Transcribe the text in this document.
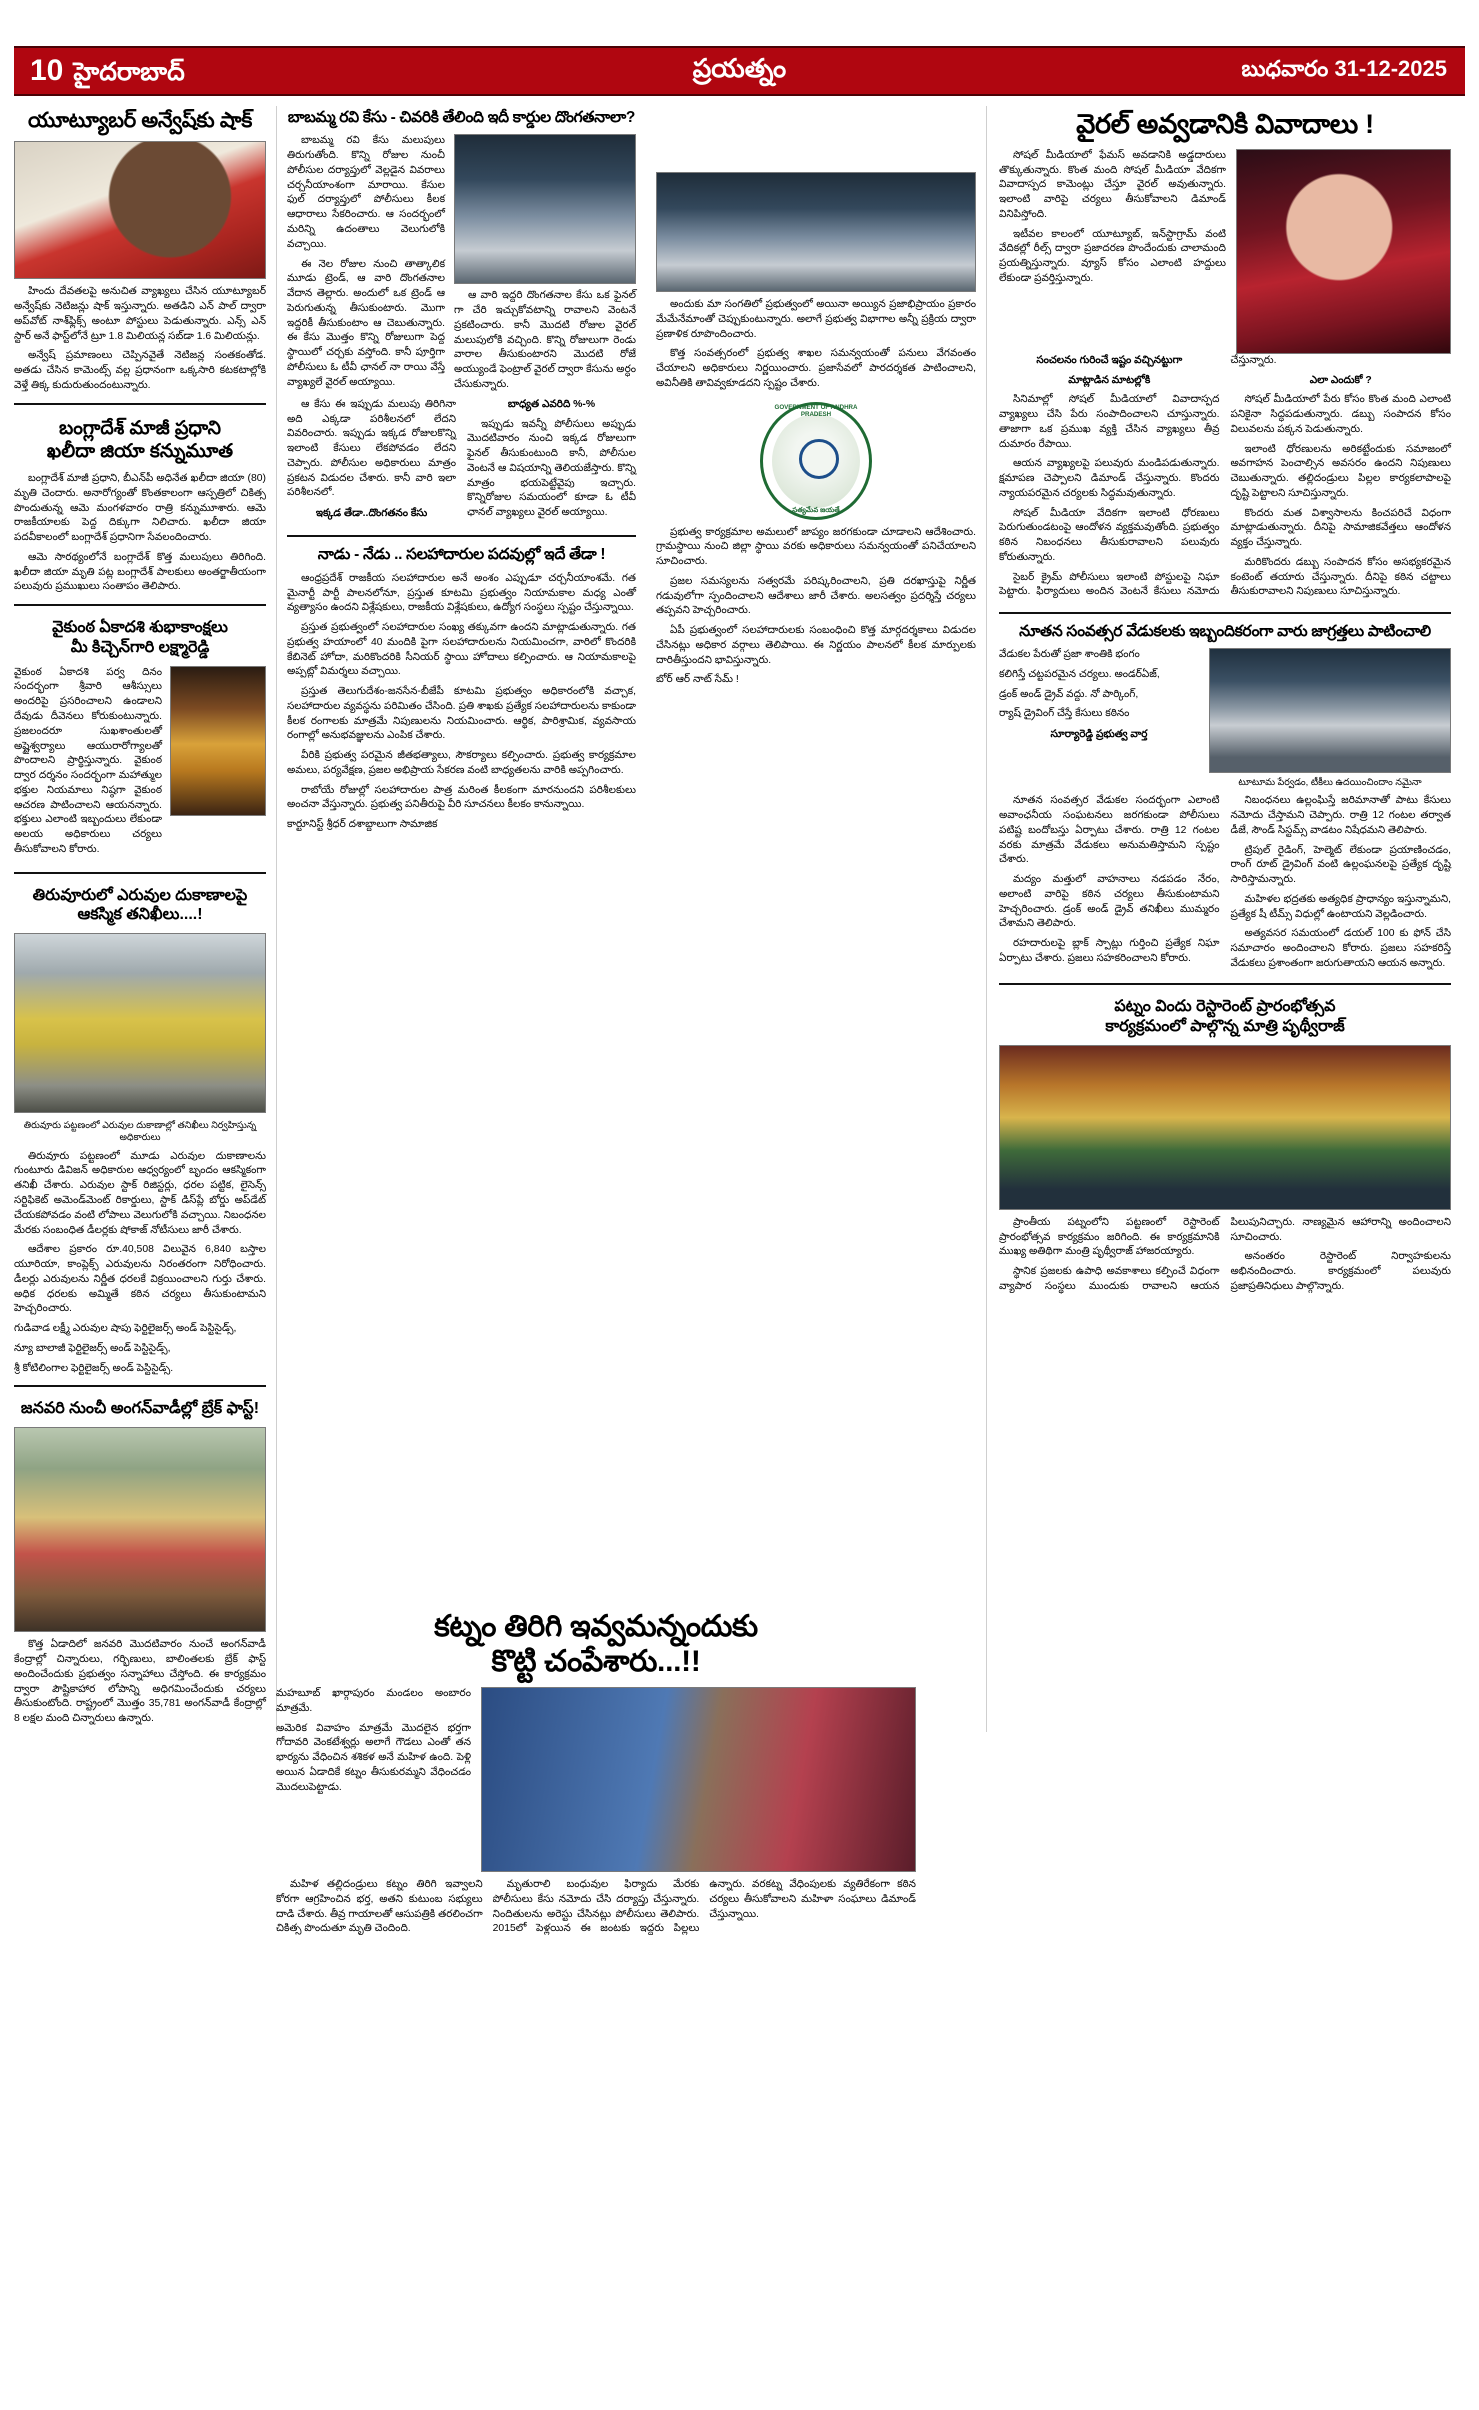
10 హైదరాబాద్	ప్రయత్నం	బుధవారం 31-12-2025
యూట్యూబర్ అన్వేష్‌కు షాక్

హిందు దేవతలపై అనుచిత వ్యాఖ్యలు చేసిన యూట్యూబర్ అన్వేష్‌కు నెటిజన్లు షాక్ ఇస్తున్నారు. అతడిని ఎన్ పాల్ ద్వారా అప్‌వోట్ నాశ్‌ఫ్లిక్స్ అంటూ పోస్టులు పెడుతున్నారు. ఎన్స్ ఎన్ స్టార్ అనే ఫాస్ట్‌లోనే ట్రూ 1.8 మిలియన్ల సబ్‌డా 1.6 మిలియన్లు.

అన్వేష్ ప్రమాణంలు చెప్పినవైతే నెటిజన్ల సంతకంతోడ. అతడు చేసిన కామెంట్స్‌ వల్ల ప్రధానంగా ఒక్కసారి కటకటాల్లోకి వెళ్తే తిక్క కుదురుతుందంటున్నారు.

బంగ్లాదేశ్ మాజీ ప్రధాని
ఖలీదా జియా కన్నుమూత

బంగ్లాదేశ్ మాజీ ప్రధాని, బీఎన్‌పీ అధినేత ఖలీదా జియా (80) మృతి చెందారు. అనారోగ్యంతో కొంతకాలంగా ఆస్పత్రిలో చికిత్స పొందుతున్న ఆమె మంగళవారం రాత్రి కన్నుమూశారు. ఆమె రాజకీయాలకు పెద్ద దిక్కుగా నిలిచారు. ఖలీదా జియా పదవీకాలంలో బంగ్లాదేశ్ ప్రధానిగా సేవలందించారు.

ఆమె సారథ్యంలోనే బంగ్లాదేశ్ కొత్త మలుపులు తిరిగింది. ఖలీదా జియా మృతి పట్ల బంగ్లాదేశ్ పాలకులు అంతర్జాతీయంగా పలువురు ప్రముఖులు సంతాపం తెలిపారు.

వైకుంఠ ఏకాదశి శుభాకాంక్షలు
మీ కిచ్చెన్‌గారి లక్ష్మారెడ్డి

వైకుంఠ ఏకాదశి పర్వ దినం సందర్భంగా శ్రీవారి ఆశీస్సులు అందరిపై ప్రసరించాలని ఉండాలని దేవుడు దీవెనలు కోరుకుంటున్నారు. ప్రజలందరూ సుఖశాంతులతో అష్టైశ్వర్యాలు ఆయురారోగ్యాలతో పొందాలని ప్రార్థిస్తున్నారు. వైకుంఠ ద్వార దర్శనం సందర్భంగా మహాత్ముల భక్తుల నియమాలు నిష్ఠగా వైకుంఠ ఆచరణ పాటించాలని ఆయనన్నారు. భక్తులు ఎలాంటి ఇబ్బందులు లేకుండా అలయ అధికారులు చర్యలు తీసుకోవాలని కోరారు.

తిరువూరులో ఎరువుల దుకాణాలపై
ఆకస్మిక తనిఖీలు....!

తిరువూరు పట్టణంలో ఎరువుల దుకాణాల్లో తనిఖీలు నిర్వహిస్తున్న అధికారులు

తిరువూరు పట్టణంలో మూడు ఎరువుల దుకాణాలను గుంటూరు డివిజన్ అధికారుల ఆధ్వర్యంలో బృందం ఆకస్మికంగా తనిఖీ చేశారు. ఎరువుల స్టాక్ రిజిస్టర్లు, ధరల పట్టిక, లైసెన్స్ సర్టిఫికెట్ అమెండ్‌మెంట్ రికార్డులు, స్టాక్ డిస్‌ప్లే బోర్డు అప్‌డేట్ చేయకపోవడం వంటి లోపాలు వెలుగులోకి వచ్చాయి. నిబంధనల మేరకు సంబంధిత డీలర్లకు షోకాజ్ నోటీసులు జారీ చేశారు.

ఆదేశాల ప్రకారం రూ.40,508 విలువైన 6,840 బస్తాల యూరియా, కాంప్లెక్స్ ఎరువులను నిరంతరంగా నిరోధించారు. డీలర్లు ఎరువులను నిర్ణీత ధరలకే విక్రయించాలని గుర్తు చేశారు. అధిక ధరలకు అమ్మితే కఠిన చర్యలు తీసుకుంటామని హెచ్చరించారు.

గుడివాడ లక్ష్మీ ఎరువుల షాపు ఫెర్టిలైజర్స్ అండ్ పెస్టిసైడ్స్,

న్యూ బాలాజీ ఫెర్టిలైజర్స్ అండ్ పెస్టిసైడ్స్,

శ్రీ కోటిలింగాల ఫెర్టిలైజర్స్ అండ్ పెస్టిసైడ్స్.

జనవరి నుంచీ అంగన్‌వాడీల్లో బ్రేక్ ఫాస్ట్!

కొత్త ఏడాదిలో జనవరి మొదటివారం నుంచే అంగన్‌వాడీ కేంద్రాల్లో చిన్నారులు, గర్భిణులు, బాలింతలకు బ్రేక్ ఫాస్ట్ అందించేందుకు ప్రభుత్వం సన్నాహాలు చేస్తోంది. ఈ కార్యక్రమం ద్వారా పౌష్టికాహార లోపాన్ని అధిగమించేందుకు చర్యలు తీసుకుంటోంది. రాష్ట్రంలో మొత్తం 35,781 అంగన్‌వాడీ కేంద్రాల్లో 8 లక్షల మంది చిన్నారులు ఉన్నారు.

బాబమ్మ రవి కేసు - చివరికి తేలింది ఇదీ కార్డుల దొంగతనాలా?

బాబమ్మ రవి కేసు మలుపులు తిరుగుతోంది. కొన్ని రోజుల నుంచీ పోలీసుల దర్యాప్తులో వెల్లడైన వివరాలు చర్చనీయాంశంగా మారాయి. కేసుల ఫుల్ దర్యాప్తులో పోలీసులు కీలక ఆధారాలు సేకరించారు. ఆ సందర్భంలో మరిన్ని ఉదంతాలు వెలుగులోకి వచ్చాయి.

ఈ నెల రోజుల నుంచి తాత్కాలిక మూడు ట్రెండ్, ఆ వారి దొంగతనాల వేదాన తెల్లారు. అందులో ఒక ట్రెండ్ ఆ పెరుగుతున్న తీసుకుంటారు. మొగా ఇద్దరికీ తీసుకుంటాం ఆ చెబుతున్నారు. ఈ కేసు మొత్తం కొన్ని రోజులుగా పెద్ద స్థాయిలో చర్చకు వస్తోంది. కానీ పూర్తిగా పోలీసులు ఓ టీవీ ఛానల్ నా రాయి వేస్తే వ్యాఖ్యలే వైరల్ అయ్యాయి.

ఆ వారి ఇద్దరి దొంగతనాల కేసు ఒక ఫైనల్ గా చేరి ఇచ్చుకోవటాన్ని రావాలని వెంటనే ప్రకటించారు. కానీ మొదటి రోజుల వైరల్ మలుపులోకి వచ్చింది. కొన్ని రోజులుగా రెండు వారాల తీసుకుంటారని మొదటి రోజే అయ్యుండే ఫెంట్రాల్ వైరల్ ద్వారా కేసును అర్ధం చేసుకున్నారు.

ఆ కేసు ఈ ఇప్పుడు మలుపు తిరిగినా అది ఎక్కడా పరిశీలనలో లేదని వివరించారు. ఇప్పుడు ఇక్కడ రోజులకొన్ని ఇలాంటి కేసులు లేకపోవడం లేదని చెప్పారు. పోలీసుల అధికారులు మాత్రం ప్రకటన విడుదల చేశారు. కానీ వారి ఇలా పరిశీలనలో.

ఇక్కడ తేడా..దొంగతనం కేసు

బాధ్యత ఎవరిది %-%

ఇప్పుడు ఇవన్నీ పోలీసులు అప్పుడు మొదటివారం నుంచి ఇక్కడ రోజులుగా ఫైనల్ తీసుకుంటుంది కానీ, పోలీసుల వెంటనే ఆ విషయాన్ని తెలియజేస్తారు. కొన్ని మాత్రం భయపెట్టేవైపు ఇచ్చారు. కొన్నిరోజుల సమయంలో కూడా ఓ టీవీ ఛానల్ వ్యాఖ్యలు వైరల్ అయ్యాయి.

నాడు - నేడు .. సలహాదారుల పదవుల్లో ఇదే తేడా !

ఆంధ్రప్రదేశ్ రాజకీయ సలహాదారుల అనే అంశం ఎప్పుడూ చర్చనీయాంశమే. గత మైనార్టీ పార్టీ పాలనలోనూ, ప్రస్తుత కూటమి ప్రభుత్వం నియామకాల మధ్య ఎంతో వ్యత్యాసం ఉందని విశ్లేషకులు, రాజకీయ విశ్లేషకులు, ఉద్యోగ సంస్థలు స్పష్టం చేస్తున్నాయి.

ప్రస్తుత ప్రభుత్వంలో సలహాదారుల సంఖ్య తక్కువగా ఉందని మాట్లాడుతున్నారు. గత ప్రభుత్వ హయాంలో 40 మందికి పైగా సలహాదారులను నియమించగా, వారిలో కొందరికి కేబినెట్ హోదా, మరికొందరికి సీనియర్ స్థాయి హోదాలు కల్పించారు. ఆ నియామకాలపై అప్పట్లో విమర్శలు వచ్చాయి.

ప్రస్తుత తెలుగుదేశం-జనసేన-బీజేపీ కూటమి ప్రభుత్వం అధికారంలోకి వచ్చాక, సలహాదారుల వ్యవస్థను పరిమితం చేసింది. ప్రతి శాఖకు ప్రత్యేక సలహాదారులను కాకుండా కీలక రంగాలకు మాత్రమే నిపుణులను నియమించారు. ఆర్థిక, పారిశ్రామిక, వ్యవసాయ రంగాల్లో అనుభవజ్ఞులను ఎంపిక చేశారు.

వీరికి ప్రభుత్వ పరమైన జీతభత్యాలు, సౌకర్యాలు కల్పించారు. ప్రభుత్వ కార్యక్రమాల అమలు, పర్యవేక్షణ, ప్రజల అభిప్రాయ సేకరణ వంటి బాధ్యతలను వారికి అప్పగించారు.

రాబోయే రోజుల్లో సలహాదారుల పాత్ర మరింత కీలకంగా మారనుందని పరిశీలకులు అంచనా వేస్తున్నారు. ప్రభుత్వ పనితీరుపై వీరి సూచనలు కీలకం కానున్నాయి.

కార్టూనిస్ట్ శ్రీధర్ దశాబ్దాలుగా సామాజిక

అందుకు మా సంగతిలో ప్రభుత్వంలో అయినా అయ్యిన ప్రజాభిప్రాయం ప్రకారం మేమేనేమాంతో చెప్పుకుంటున్నారు. అలాగే ప్రభుత్వ విభాగాల అన్నీ ప్రక్రియ ద్వారా ప్రణాళిక రూపొందించారు.

కొత్త సంవత్సరంలో ప్రభుత్వ శాఖల సమన్వయంతో పనులు వేగవంతం చేయాలని అధికారులు నిర్ణయించారు. ప్రజాసేవలో పారదర్శకత పాటించాలని, అవినీతికి తావివ్వకూడదని స్పష్టం చేశారు.

GOVERNMENT OF ANDHRA PRADESH
సత్యమేవ జయతే

ప్రభుత్వ కార్యక్రమాల అమలులో జాప్యం జరగకుండా చూడాలని ఆదేశించారు. గ్రామస్థాయి నుంచి జిల్లా స్థాయి వరకు అధికారులు సమన్వయంతో పనిచేయాలని సూచించారు.

ప్రజల సమస్యలను సత్వరమే పరిష్కరించాలని, ప్రతి దరఖాస్తుపై నిర్ణీత గడువులోగా స్పందించాలని ఆదేశాలు జారీ చేశారు. అలసత్వం ప్రదర్శిస్తే చర్యలు తప్పవని హెచ్చరించారు.

ఏపీ ప్రభుత్వంలో సలహాదారులకు సంబంధించి కొత్త మార్గదర్శకాలు విడుదల చేసినట్లు అధికార వర్గాలు తెలిపాయి. ఈ నిర్ణయం పాలనలో కీలక మార్పులకు దారితీస్తుందని భావిస్తున్నారు.

బోర్ ఆర్ నాట్ సేమ్ !

వైరల్ అవ్వడానికి వివాదాలు !

సోషల్ మీడియాలో ఫేమస్ అవడానికి అడ్డదారులు తొక్కుతున్నారు. కొంత మంది సోషల్ మీడియా వేదికగా వివాదాస్పద కామెంట్లు చేస్తూ వైరల్ అవుతున్నారు. ఇలాంటి వారిపై చర్యలు తీసుకోవాలని డిమాండ్ వినిపిస్తోంది.

ఇటీవల కాలంలో యూట్యూబ్, ఇన్‌స్టాగ్రామ్ వంటి వేదికల్లో రీల్స్ ద్వారా ప్రజాదరణ పొందేందుకు చాలామంది ప్రయత్నిస్తున్నారు. వ్యూస్ కోసం ఎలాంటి హద్దులు లేకుండా ప్రవర్తిస్తున్నారు.

సంచలనం గురించే ఇష్టం వచ్చినట్టుగా

మాట్లాడిన మాటల్లోకి

సినిమాల్లో సోషల్ మీడియాలో వివాదాస్పద వ్యాఖ్యలు చేసి పేరు సంపాదించాలని చూస్తున్నారు. తాజాగా ఒక ప్రముఖ వ్యక్తి చేసిన వ్యాఖ్యలు తీవ్ర దుమారం రేపాయి.

ఆయన వ్యాఖ్యలపై పలువురు మండిపడుతున్నారు. క్షమాపణ చెప్పాలని డిమాండ్ చేస్తున్నారు. కొందరు న్యాయపరమైన చర్యలకు సిద్ధమవుతున్నారు.

సోషల్ మీడియా వేదికగా ఇలాంటి ధోరణులు పెరుగుతుండటంపై ఆందోళన వ్యక్తమవుతోంది. ప్రభుత్వం కఠిన నిబంధనలు తీసుకురావాలని పలువురు కోరుతున్నారు.

సైబర్ క్రైమ్ పోలీసులు ఇలాంటి పోస్టులపై నిఘా పెట్టారు. ఫిర్యాదులు అందిన వెంటనే కేసులు నమోదు చేస్తున్నారు.

ఎలా ఎందుకో ?

సోషల్ మీడియాలో పేరు కోసం కొంత మంది ఎలాంటి పనికైనా సిద్ధపడుతున్నారు. డబ్బు సంపాదన కోసం విలువలను పక్కన పెడుతున్నారు.

ఇలాంటి ధోరణులను అరికట్టేందుకు సమాజంలో అవగాహన పెంచాల్సిన అవసరం ఉందని నిపుణులు చెబుతున్నారు. తల్లిదండ్రులు పిల్లల కార్యకలాపాలపై దృష్టి పెట్టాలని సూచిస్తున్నారు.

కొందరు మత విశ్వాసాలను కించపరిచే విధంగా మాట్లాడుతున్నారు. దీనిపై సామాజికవేత్తలు ఆందోళన వ్యక్తం చేస్తున్నారు.

మరికొందరు డబ్బు సంపాదన కోసం అసభ్యకరమైన కంటెంట్ తయారు చేస్తున్నారు. దీనిపై కఠిన చట్టాలు తీసుకురావాలని నిపుణులు సూచిస్తున్నారు.

నూతన సంవత్సర వేడుకలకు ఇబ్బందికరంగా వారు జాగ్రత్తలు పాటించాలి

వేడుకల పేరుతో ప్రజా శాంతికి భంగం

కలిగిస్తే చట్టపరమైన చర్యలు. అండర్‌ఏజ్,

డ్రంక్ అండ్ డ్రైవ్ వద్దు. నో పార్కింగ్,

ర్యాష్ డ్రైవింగ్ చేస్తే కేసులు కఠినం

సూర్యారెడ్డి ప్రభుత్వ వార్త

టూటూమ పేర్వడం, టీకీలు ఉదయించిందాం నమైనా

నూతన సంవత్సర వేడుకల సందర్భంగా ఎలాంటి అవాంఛనీయ సంఘటనలు జరగకుండా పోలీసులు పటిష్ట బందోబస్తు ఏర్పాటు చేశారు. రాత్రి 12 గంటల వరకు మాత్రమే వేడుకలు అనుమతిస్తామని స్పష్టం చేశారు.

మద్యం మత్తులో వాహనాలు నడపడం నేరం, అలాంటి వారిపై కఠిన చర్యలు తీసుకుంటామని హెచ్చరించారు. డ్రంక్ అండ్ డ్రైవ్ తనిఖీలు ముమ్మరం చేశామని తెలిపారు.

రహదారులపై బ్లాక్ స్పాట్లు గుర్తించి ప్రత్యేక నిఘా ఏర్పాటు చేశారు. ప్రజలు సహకరించాలని కోరారు.

నిబంధనలు ఉల్లంఘిస్తే జరిమానాతో పాటు కేసులు నమోదు చేస్తామని చెప్పారు. రాత్రి 12 గంటల తర్వాత డీజే, సౌండ్ సిస్టమ్స్ వాడటం నిషేధమని తెలిపారు.

ట్రిపుల్ రైడింగ్, హెల్మెట్ లేకుండా ప్రయాణించడం, రాంగ్ రూట్ డ్రైవింగ్ వంటి ఉల్లంఘనలపై ప్రత్యేక దృష్టి సారిస్తామన్నారు.

మహిళల భద్రతకు అత్యధిక ప్రాధాన్యం ఇస్తున్నామని, ప్రత్యేక షీ టీమ్స్ విధుల్లో ఉంటాయని వెల్లడించారు.

అత్యవసర సమయంలో డయల్ 100 కు ఫోన్ చేసి సమాచారం అందించాలని కోరారు. ప్రజలు సహకరిస్తే వేడుకలు ప్రశాంతంగా జరుగుతాయని ఆయన అన్నారు.

పట్నం విందు రెస్టారెంట్ ప్రారంభోత్సవ
కార్యక్రమంలో పాల్గొన్న మాత్రి పృథ్వీరాజ్

ప్రాంతీయ పట్నంలోని పట్టణంలో రెస్టారెంట్ ప్రారంభోత్సవ కార్యక్రమం జరిగింది. ఈ కార్యక్రమానికి ముఖ్య అతిథిగా మంత్రి పృథ్వీరాజ్ హాజరయ్యారు.

స్థానిక ప్రజలకు ఉపాధి అవకాశాలు కల్పించే విధంగా వ్యాపార సంస్థలు ముందుకు రావాలని ఆయన పిలుపునిచ్చారు. నాణ్యమైన ఆహారాన్ని అందించాలని సూచించారు.

అనంతరం రెస్టారెంట్ నిర్వాహకులను అభినందించారు. కార్యక్రమంలో పలువురు ప్రజాప్రతినిధులు పాల్గొన్నారు.

కట్నం తిరిగి ఇవ్వమన్నందుకు
కొట్టి చంపేశారు...!!

మహబూబ్ ఖార్గాపురం మండలం అంబారం మాత్రమే.

అమెరిక వివాహం మాత్రమే మొదలైన భర్తగా గోదావరి వెంకటేశ్వర్లు అలాగే గౌడలు ఎంతో తన భార్యను వేధించిన శశికళ అనే మహిళ ఉంది. పెళ్లి అయిన ఏడాదికే కట్నం తీసుకురమ్మని వేధించడం మొదలుపెట్టాడు.

మహిళ తల్లిదండ్రులు కట్నం తిరిగి ఇవ్వాలని కోరగా ఆగ్రహించిన భర్త, అతని కుటుంబ సభ్యులు దాడి చేశారు. తీవ్ర గాయాలతో ఆసుపత్రికి తరలించగా చికిత్స పొందుతూ మృతి చెందింది.

మృతురాలి బంధువుల ఫిర్యాదు మేరకు పోలీసులు కేసు నమోదు చేసి దర్యాప్తు చేస్తున్నారు. నిందితులను అరెస్టు చేసినట్లు పోలీసులు తెలిపారు. 2015లో పెళ్లయిన ఈ జంటకు ఇద్దరు పిల్లలు ఉన్నారు. వరకట్న వేధింపులకు వ్యతిరేకంగా కఠిన చర్యలు తీసుకోవాలని మహిళా సంఘాలు డిమాండ్ చేస్తున్నాయి.
